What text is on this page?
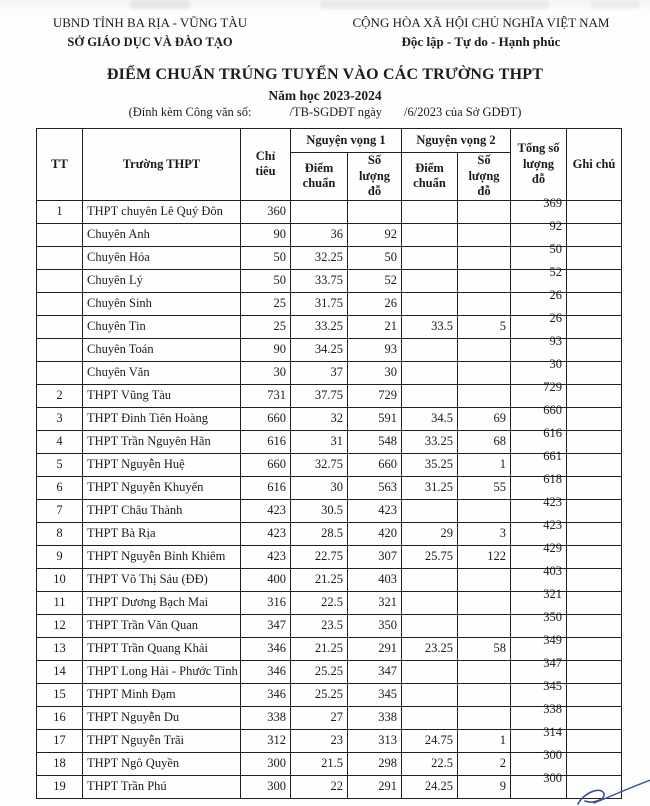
UBND TỈNH BA RỊA - VŨNG TÀU
SỞ GIÁO DỤC VÀ ĐÀO TẠO
CỘNG HÒA XÃ HỘI CHỦ NGHĨA VIỆT NAM
Độc lập - Tự do - Hạnh phúc
ĐIỂM CHUẨN TRÚNG TUYỂN VÀO CÁC TRƯỜNG THPT
Năm học 2023-2024
(Đính kèm Công văn số:	/TB-SGDĐT ngày /6/2023 của Sở GDĐT)
TT	Trường THPT	Chỉ tiêu	Nguyện vọng 1		Nguyện vọng 2		Tổng số lượng đỗ	Ghi chú
			Điểm chuẩn	Số lượng đỗ	Điểm chuẩn	Số lượng đỗ		
1	THPT chuyên Lê Quý Đôn	360					369	
	Chuyên Anh	90	36	92			92	
	Chuyên Hóa	50	32.25	50			50	
	Chuyên Lý	50	33.75	52			52	
	Chuyên Sinh	25	31.75	26			26	
	Chuyên Tin	25	33.25	21	33.5	5	26	
	Chuyên Toán	90	34.25	93			93	
	Chuyên Văn	30	37	30			30	
2	THPT Vũng Tàu	731	37.75	729			729	
3	THPT Đinh Tiên Hoàng	660	32	591	34.5	69	660	
4	THPT Trần Nguyên Hãn	616	31	548	33.25	68	616	
5	THPT Nguyễn Huệ	660	32.75	660	35.25	1	661	
6	THPT Nguyễn Khuyến	616	30	563	31.25	55	618	
7	THPT Châu Thành	423	30.5	423			423	
8	THPT Bà Rịa	423	28.5	420	29	3	423	
9	THPT Nguyễn Bỉnh Khiêm	423	22.75	307	25.75	122	429	
10	THPT Võ Thị Sáu (ĐĐ)	400	21.25	403			403	
11	THPT Dương Bạch Mai	316	22.5	321			321	
12	THPT Trần Văn Quan	347	23.5	350			350	
13	THPT Trần Quang Khải	346	21.25	291	23.25	58	349	
14	THPT Long Hải - Phước Tỉnh	346	25.25	347			347	
15	THPT Minh Đạm	346	25.25	345			345	
16	THPT Nguyễn Du	338	27	338			338	
17	THPT Nguyễn Trãi	312	23	313	24.75	1	314	
18	THPT Ngô Quyền	300	21.5	298	22.5	2	300	
19	THPT Trần Phú	300	22	291	24.25	9	300	
